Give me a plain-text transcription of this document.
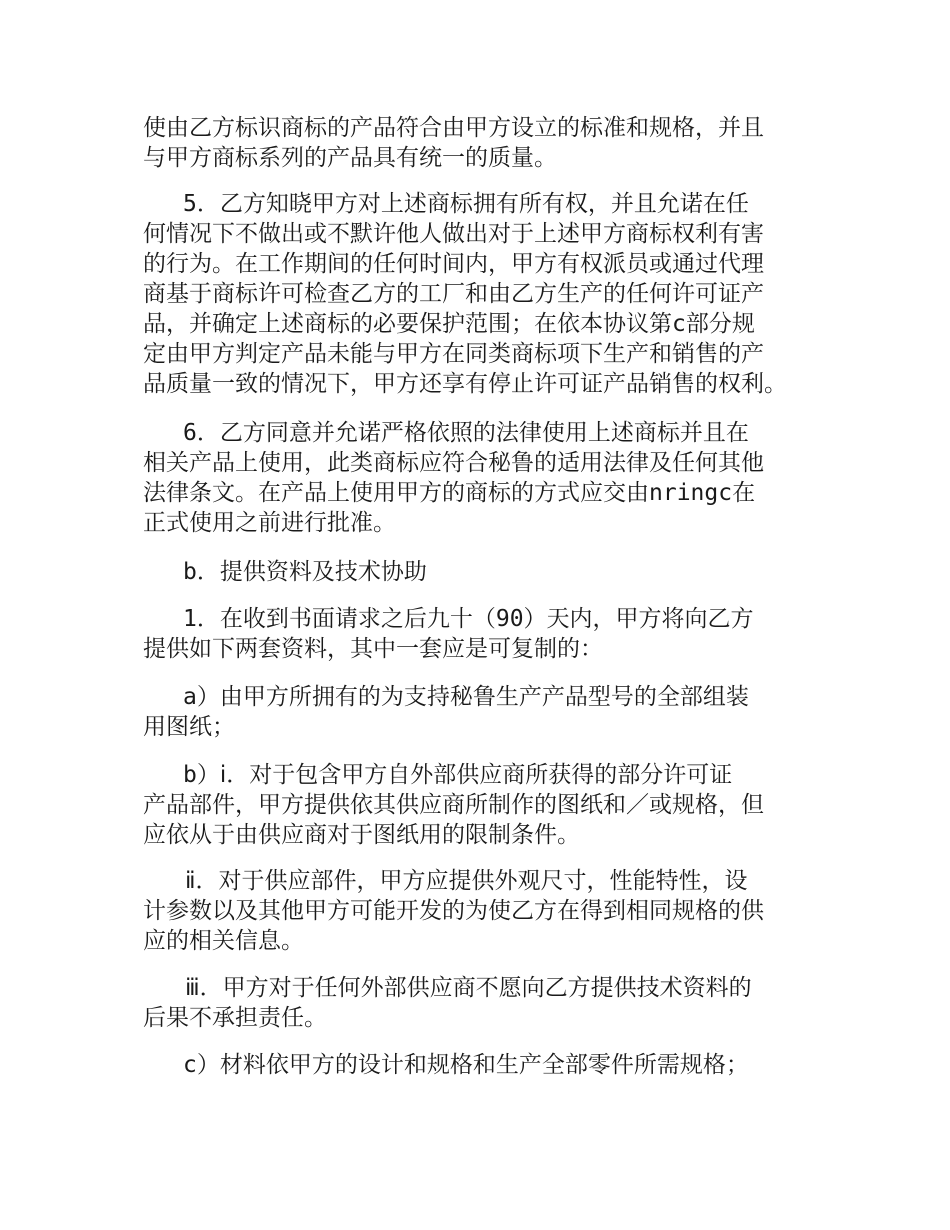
使由乙方标识商标的产品符合由甲方设立的标准和规格，并且
与甲方商标系列的产品具有统一的质量。
5．乙方知晓甲方对上述商标拥有所有权，并且允诺在任
何情况下不做出或不默许他人做出对于上述甲方商标权利有害
的行为。在工作期间的任何时间内，甲方有权派员或通过代理
商基于商标许可检查乙方的工厂和由乙方生产的任何许可证产
品，并确定上述商标的必要保护范围；在依本协议第c部分规
定由甲方判定产品未能与甲方在同类商标项下生产和销售的产
品质量一致的情况下，甲方还享有停止许可证产品销售的权利。
6．乙方同意并允诺严格依照的法律使用上述商标并且在
相关产品上使用，此类商标应符合秘鲁的适用法律及任何其他
法律条文。在产品上使用甲方的商标的方式应交由nringc在
正式使用之前进行批准。
b．提供资料及技术协助
1．在收到书面请求之后九十（90）天内，甲方将向乙方
提供如下两套资料，其中一套应是可复制的：
a）由甲方所拥有的为支持秘鲁生产产品型号的全部组装
用图纸；
b）ⅰ．对于包含甲方自外部供应商所获得的部分许可证
产品部件，甲方提供依其供应商所制作的图纸和／或规格，但
应依从于由供应商对于图纸用的限制条件。
ⅱ．对于供应部件，甲方应提供外观尺寸，性能特性，设
计参数以及其他甲方可能开发的为使乙方在得到相同规格的供
应的相关信息。
ⅲ．甲方对于任何外部供应商不愿向乙方提供技术资料的
后果不承担责任。
c）材料依甲方的设计和规格和生产全部零件所需规格；
